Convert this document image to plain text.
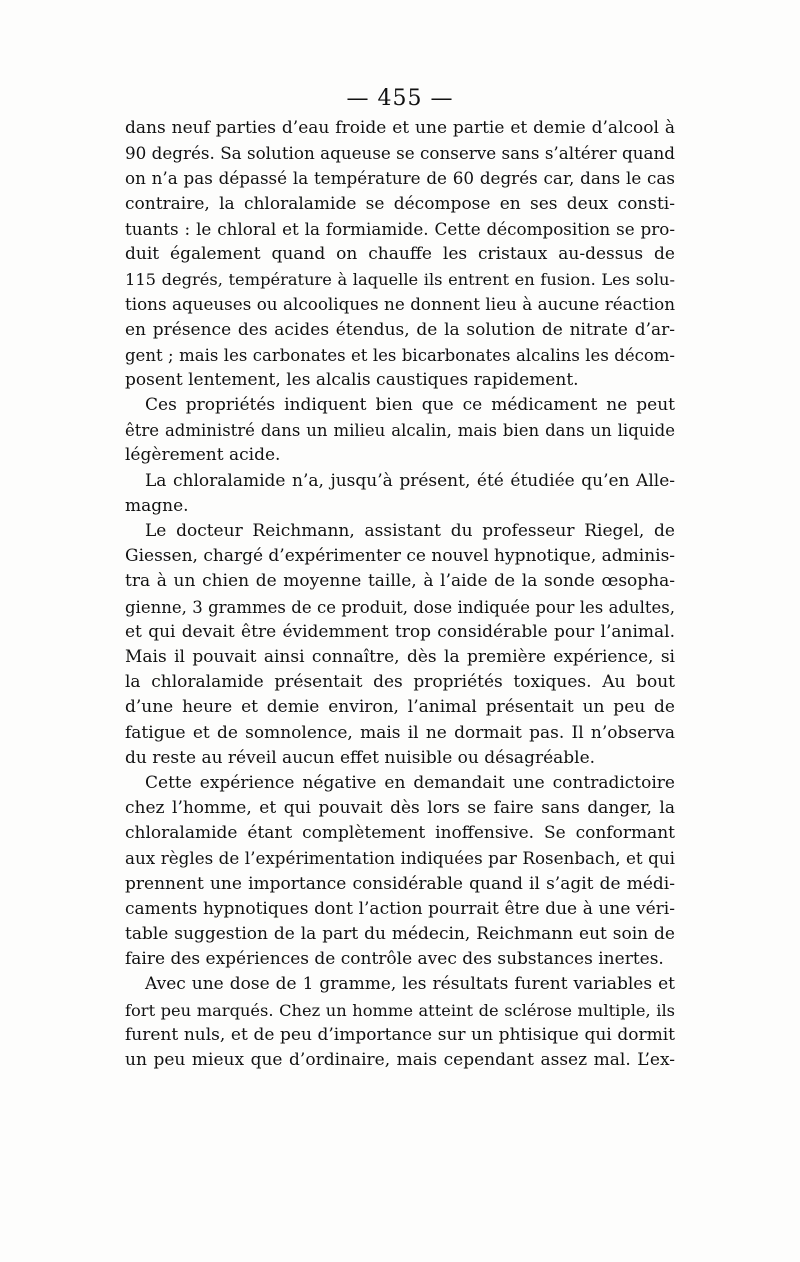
— 455 —
dans neuf parties d’eau froide et une partie et demie d’alcool à
90 degrés. Sa solution aqueuse se conserve sans s’altérer quand
on n’a pas dépassé la température de 60 degrés car, dans le cas
contraire, la chloralamide se décompose en ses deux consti-
tuants : le chloral et la formiamide. Cette décomposition se pro-
duit également quand on chauffe les cristaux au-dessus de
115 degrés, température à laquelle ils entrent en fusion. Les solu-
tions aqueuses ou alcooliques ne donnent lieu à aucune réaction
en présence des acides étendus, de la solution de nitrate d’ar-
gent ; mais les carbonates et les bicarbonates alcalins les décom-
posent lentement, les alcalis caustiques rapidement.
Ces propriétés indiquent bien que ce médicament ne peut
être administré dans un milieu alcalin, mais bien dans un liquide
légèrement acide.
La chloralamide n’a, jusqu’à présent, été étudiée qu’en Alle-
magne.
Le docteur Reichmann, assistant du professeur Riegel, de
Giessen, chargé d’expérimenter ce nouvel hypnotique, adminis-
tra à un chien de moyenne taille, à l’aide de la sonde œsopha-
gienne, 3 grammes de ce produit, dose indiquée pour les adultes,
et qui devait être évidemment trop considérable pour l’animal.
Mais il pouvait ainsi connaître, dès la première expérience, si
la chloralamide présentait des propriétés toxiques. Au bout
d’une heure et demie environ, l’animal présentait un peu de
fatigue et de somnolence, mais il ne dormait pas. Il n’observa
du reste au réveil aucun effet nuisible ou désagréable.
Cette expérience négative en demandait une contradictoire
chez l’homme, et qui pouvait dès lors se faire sans danger, la
chloralamide étant complètement inoffensive. Se conformant
aux règles de l’expérimentation indiquées par Rosenbach, et qui
prennent une importance considérable quand il s’agit de médi-
caments hypnotiques dont l’action pourrait être due à une véri-
table suggestion de la part du médecin, Reichmann eut soin de
faire des expériences de contrôle avec des substances inertes.
Avec une dose de 1 gramme, les résultats furent variables et
fort peu marqués. Chez un homme atteint de sclérose multiple, ils
furent nuls, et de peu d’importance sur un phtisique qui dormit
un peu mieux que d’ordinaire, mais cependant assez mal. L’ex-
